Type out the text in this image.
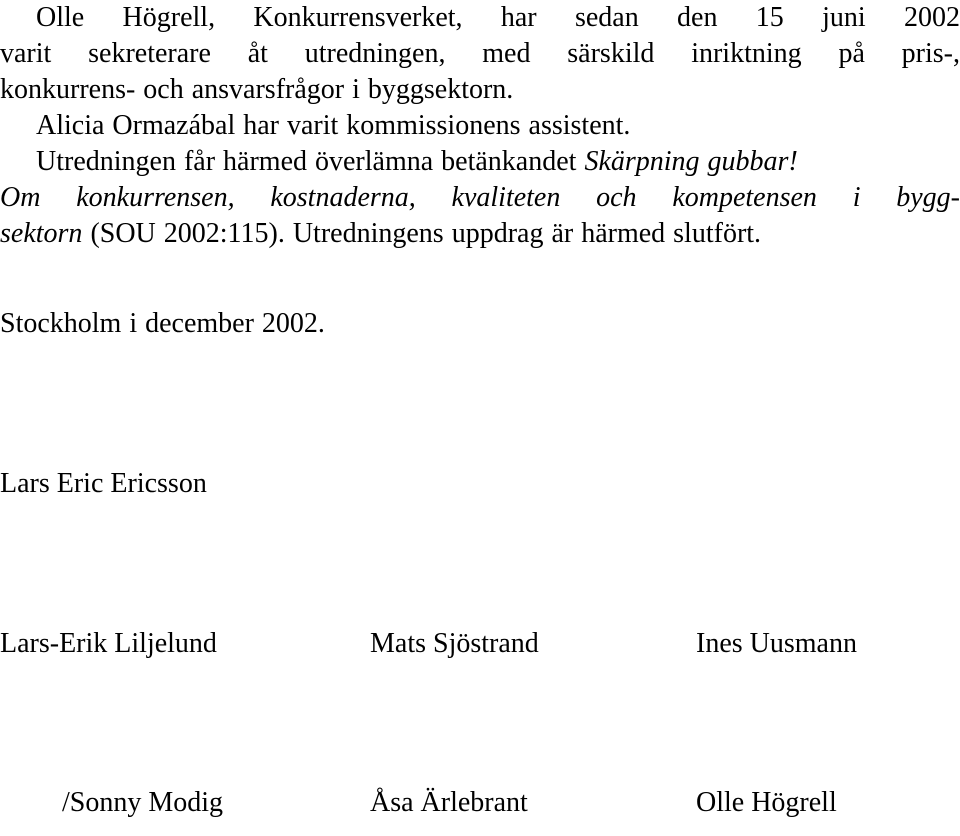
Olle Högrell, Konkurrensverket, har sedan den 15 juni 2002
varit sekreterare åt utredningen, med särskild inriktning på pris-,
konkurrens- och ansvarsfrågor i byggsektorn.
Alicia Ormazábal har varit kommissionens assistent.
Utredningen får härmed överlämna betänkandet Skärpning gubbar!
Om konkurrensen, kostnaderna, kvaliteten och kompetensen i bygg-
sektorn (SOU 2002:115). Utredningens uppdrag är härmed slutfört.
Stockholm i december 2002.
Lars Eric Ericsson
Lars-Erik Liljelund	Mats Sjöstrand	Ines Uusmann
/Sonny Modig	Åsa Ärlebrant	Olle Högrell
